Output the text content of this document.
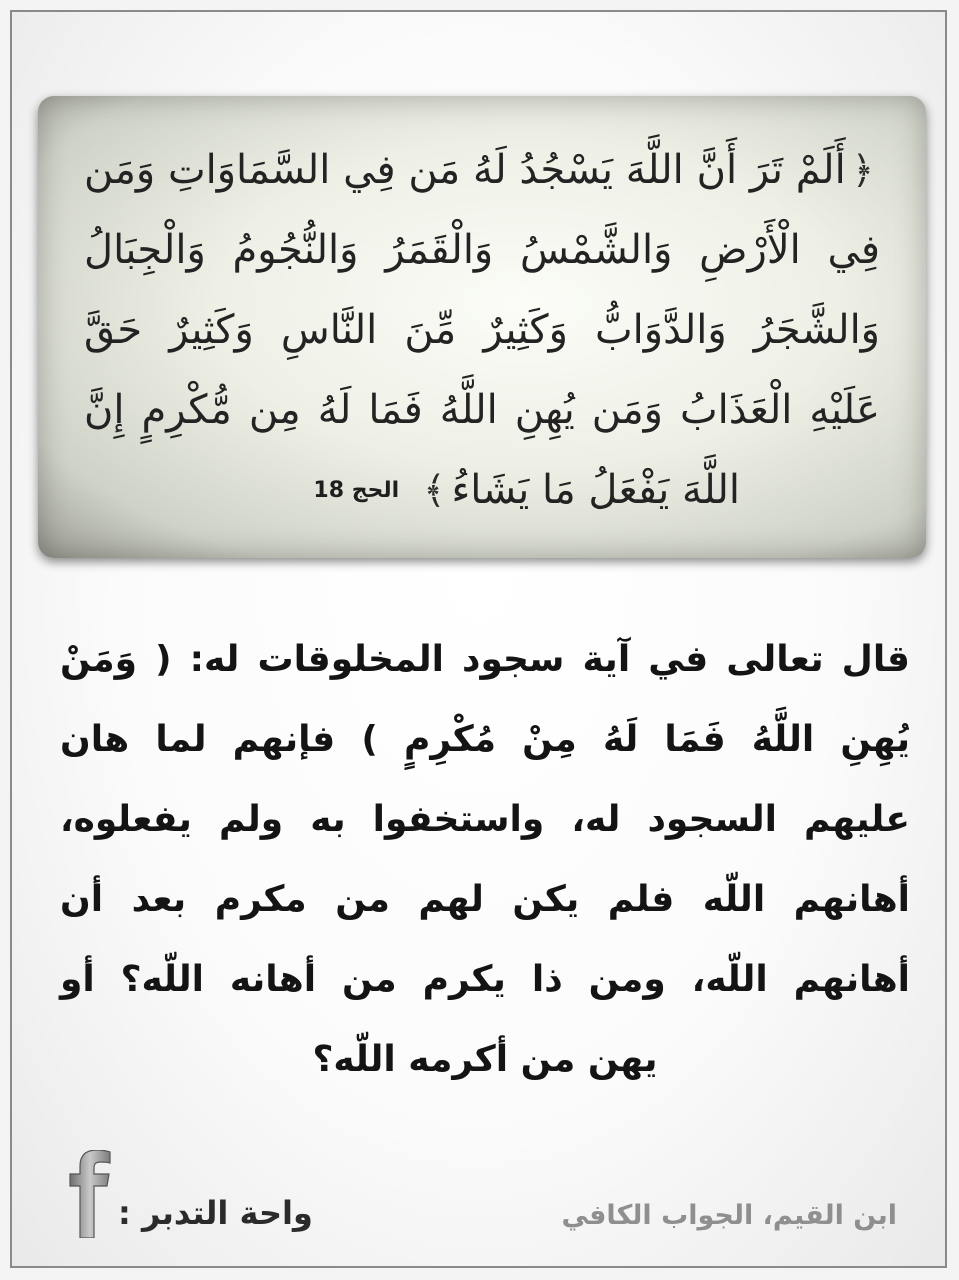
﴿أَلَمْ تَرَ أَنَّ اللَّهَ يَسْجُدُ لَهُ مَن فِي السَّمَاوَاتِ وَمَن
فِي الْأَرْضِ وَالشَّمْسُ وَالْقَمَرُ وَالنُّجُومُ وَالْجِبَالُ
وَالشَّجَرُ وَالدَّوَابُّ وَكَثِيرٌ مِّنَ النَّاسِ وَكَثِيرٌ حَقَّ
عَلَيْهِ الْعَذَابُ وَمَن يُهِنِ اللَّهُ فَمَا لَهُ مِن مُّكْرِمٍ إِنَّ
اللَّهَ يَفْعَلُ مَا يَشَاءُ
﴾
الحج 18
قال تعالى في آية سجود المخلوقات له: ( وَمَنْ
يُهِنِ اللَّهُ فَمَا لَهُ مِنْ مُكْرِمٍ ) فإنهم لما هان
عليهم السجود له، واستخفوا به ولم يفعلوه،
أهانهم اللّه فلم يكن لهم من مكرم بعد أن
أهانهم اللّه، ومن ذا يكرم من أهانه اللّه؟ أو
يهن من أكرمه اللّه؟
واحة التدبر :	ابن القيم، الجواب الكافي
